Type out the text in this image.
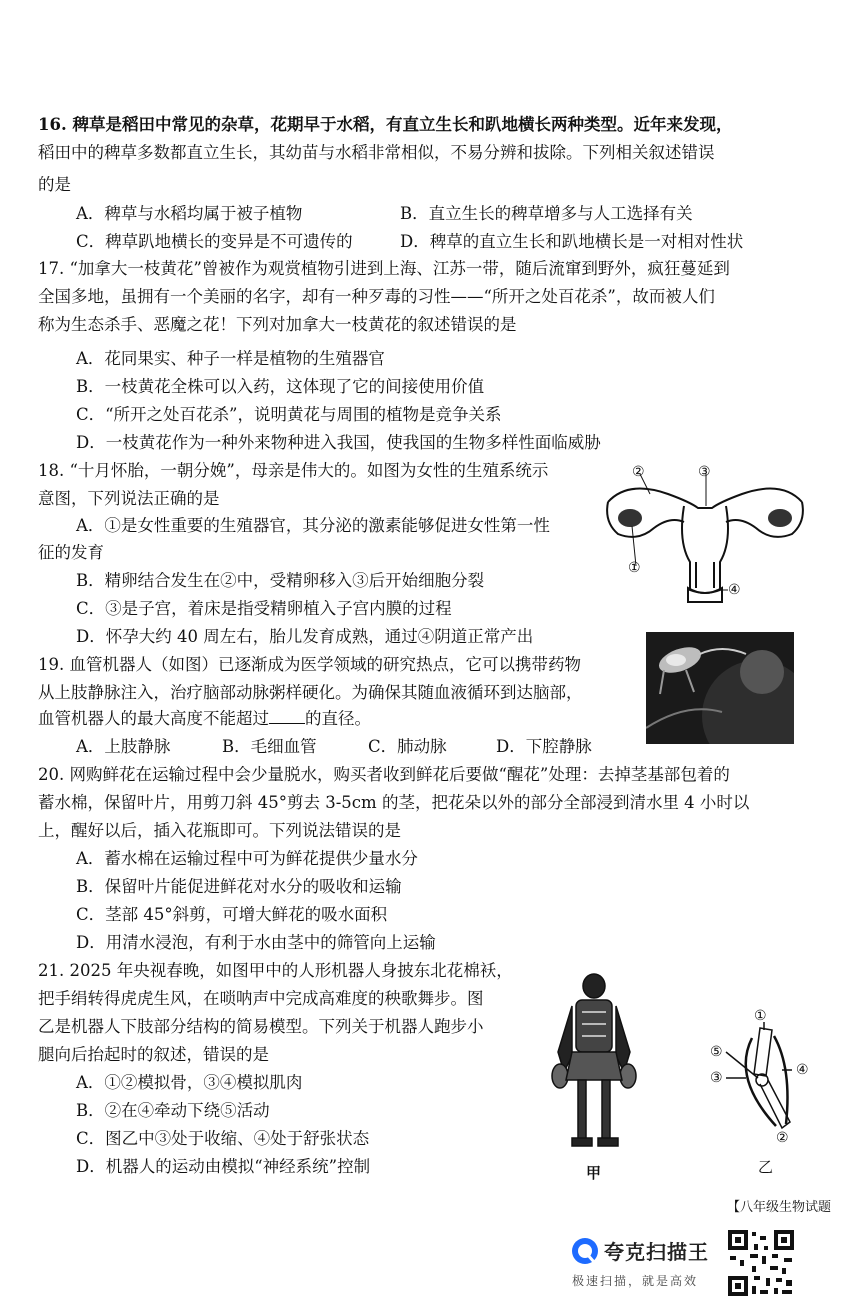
16. 稗草是稻田中常见的杂草，花期早于水稻，有直立生长和趴地横长两种类型。近年来发现，
稻田中的稗草多数都直立生长，其幼苗与水稻非常相似，不易分辨和拔除。下列相关叙述错误
的是
A．稗草与水稻均属于被子植物	B．直立生长的稗草增多与人工选择有关
C．稗草趴地横长的变异是不可遗传的	D．稗草的直立生长和趴地横长是一对相对性状
17. “加拿大一枝黄花”曾被作为观赏植物引进到上海、江苏一带，随后流窜到野外，疯狂蔓延到
全国多地，虽拥有一个美丽的名字，却有一种歹毒的习性——“所开之处百花杀”，故而被人们
称为生态杀手、恶魔之花！下列对加拿大一枝黄花的叙述错误的是
A．花同果实、种子一样是植物的生殖器官
B．一枝黄花全株可以入药，这体现了它的间接使用价值
C．“所开之处百花杀”，说明黄花与周围的植物是竞争关系
D．一枝黄花作为一种外来物种进入我国，使我国的生物多样性面临威胁
18. “十月怀胎，一朝分娩”，母亲是伟大的。如图为女性的生殖系统示
意图，下列说法正确的是
A．①是女性重要的生殖器官，其分泌的激素能够促进女性第一性
征的发育
B．精卵结合发生在②中，受精卵移入③后开始细胞分裂
C．③是子宫，着床是指受精卵植入子宫内膜的过程
D．怀孕大约 40 周左右，胎儿发育成熟，通过④阴道正常产出
②	③
①
④
19. 血管机器人（如图）已逐渐成为医学领域的研究热点，它可以携带药物
从上肢静脉注入，治疗脑部动脉粥样硬化。为确保其随血液循环到达脑部，
血管机器人的最大高度不能超过 的直径。
A．上肢静脉	B．毛细血管	C．肺动脉	D．下腔静脉
20. 网购鲜花在运输过程中会少量脱水，购买者收到鲜花后要做“醒花”处理：去掉茎基部包着的
蓄水棉，保留叶片，用剪刀斜 45°剪去 3-5cm 的茎，把花朵以外的部分全部浸到清水里 4 小时以
上，醒好以后，插入花瓶即可。下列说法错误的是
A．蓄水棉在运输过程中可为鲜花提供少量水分
B．保留叶片能促进鲜花对水分的吸收和运输
C．茎部 45°斜剪，可增大鲜花的吸水面积
D．用清水浸泡，有利于水由茎中的筛管向上运输
21. 2025 年央视春晚，如图甲中的人形机器人身披东北花棉袄，
把手绢转得虎虎生风，在唢呐声中完成高难度的秧歌舞步。图
乙是机器人下肢部分结构的简易模型。下列关于机器人跑步小
腿向后抬起时的叙述，错误的是
A．①②模拟骨，③④模拟肌肉
B．②在④牵动下绕⑤活动
C．图乙中③处于收缩、④处于舒张状态
D．机器人的运动由模拟“神经系统”控制	甲
①
⑤
③	④
②
乙
【八年级生物试题
夸克扫描王
极速扫描，就是高效
